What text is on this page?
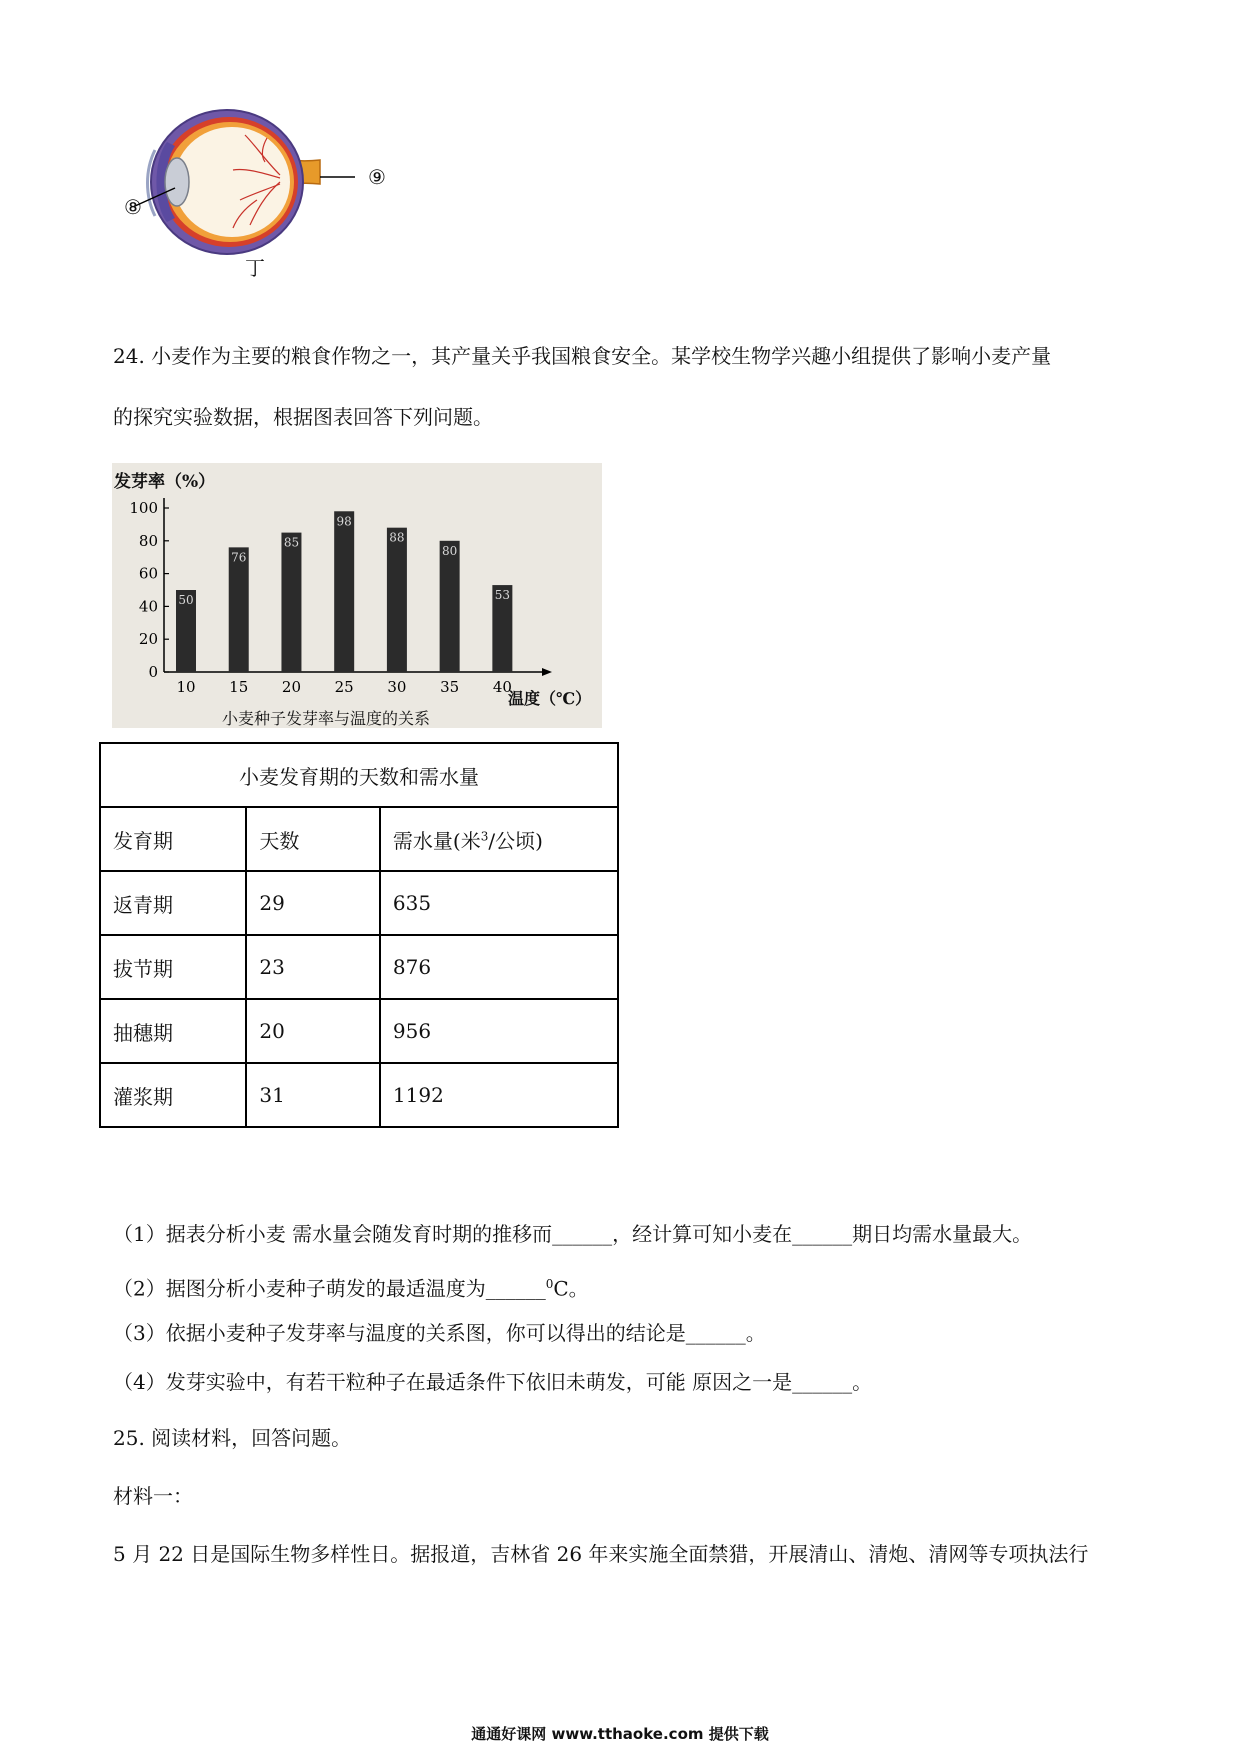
⑧
⑨
丁
24. 小麦作为主要的粮食作物之一，其产量关乎我国粮食安全。某学校生物学兴趣小组提供了影响小麦产量
的探究实验数据，根据图表回答下列问题。
0
20
40
60
80
100
50
10
76
15
85
20
98
25
88
30
80
35
53
40
发芽率（%）
温度（℃）
小麦种子发芽率与温度的关系
小麦发育期的天数和需水量		
发育期	天数	需水量(米$^3$/公顷)
返青期	29	635
拔节期	23	876
抽穗期	20	956
灌浆期	31	1192
（1）据表分析小麦 需水量会随发育时期的推移而______，经计算可知小麦在______期日均需水量最大。
（2）据图分析小麦种子萌发的最适温度为______$^0$C。
（3）依据小麦种子发芽率与温度的关系图，你可以得出的结论是______。
（4）发芽实验中，有若干粒种子在最适条件下依旧未萌发，可能 原因之一是______。
25. 阅读材料，回答问题。
材料一：
5 月 22 日是国际生物多样性日。据报道，吉林省 26 年来实施全面禁猎，开展清山、清炮、清网等专项执法行
通通好课网 www.tthaoke.com 提供下载
